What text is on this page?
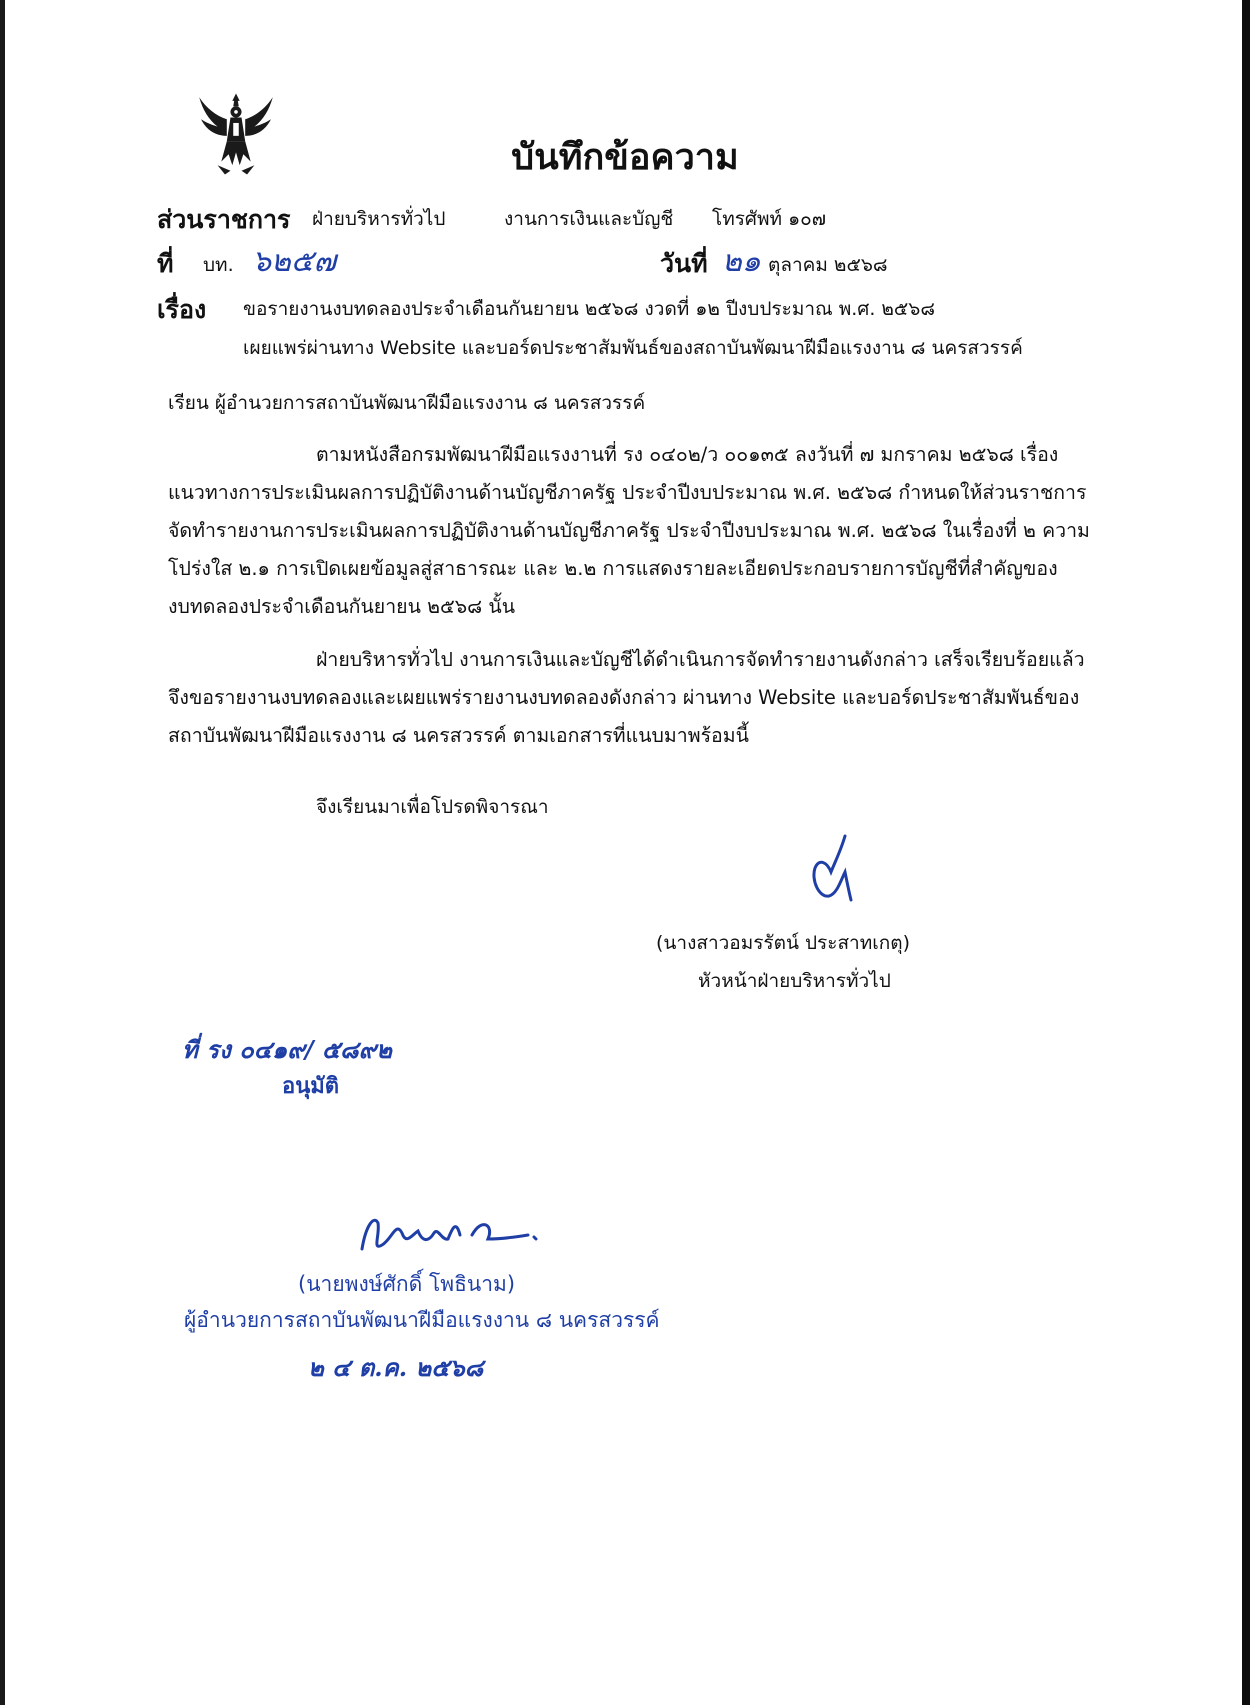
บันทึกข้อความ
ส่วนราชการ ฝ่ายบริหารทั่วไป	งานการเงินและบัญชี โทรศัพท์ ๑๐๗
ที่ บท. ๖๒๕๗	วันที่ ๒๑ ตุลาคม ๒๕๖๘
เรื่อง ขอรายงานงบทดลองประจำเดือนกันยายน ๒๕๖๘ งวดที่ ๑๒ ปีงบประมาณ พ.ศ. ๒๕๖๘
เผยแพร่ผ่านทาง Website และบอร์ดประชาสัมพันธ์ของสถาบันพัฒนาฝีมือแรงงาน ๘ นครสวรรค์
เรียน ผู้อำนวยการสถาบันพัฒนาฝีมือแรงงาน ๘ นครสวรรค์
ตามหนังสือกรมพัฒนาฝีมือแรงงานที่ รง ๐๔๐๒/ว ๐๐๑๓๕ ลงวันที่ ๗ มกราคม ๒๕๖๘ เรื่อง
แนวทางการประเมินผลการปฏิบัติงานด้านบัญชีภาครัฐ ประจำปีงบประมาณ พ.ศ. ๒๕๖๘ กำหนดให้ส่วนราชการ
จัดทำรายงานการประเมินผลการปฏิบัติงานด้านบัญชีภาครัฐ ประจำปีงบประมาณ พ.ศ. ๒๕๖๘ ในเรื่องที่ ๒ ความ
โปร่งใส ๒.๑ การเปิดเผยข้อมูลสู่สาธารณะ และ ๒.๒ การแสดงรายละเอียดประกอบรายการบัญชีที่สำคัญของ
งบทดลองประจำเดือนกันยายน ๒๕๖๘ นั้น
ฝ่ายบริหารทั่วไป งานการเงินและบัญชีได้ดำเนินการจัดทำรายงานดังกล่าว เสร็จเรียบร้อยแล้ว
จึงขอรายงานงบทดลองและเผยแพร่รายงานงบทดลองดังกล่าว ผ่านทาง Website และบอร์ดประชาสัมพันธ์ของ
สถาบันพัฒนาฝีมือแรงงาน ๘ นครสวรรค์ ตามเอกสารที่แนบมาพร้อมนี้
จึงเรียนมาเพื่อโปรดพิจารณา
(นางสาวอมรรัตน์ ประสาทเกตุ)
หัวหน้าฝ่ายบริหารทั่วไป
ที่ รง ๐๔๑๙/ ๕๘๙๒
อนุมัติ
(นายพงษ์ศักดิ์ โพธินาม)
ผู้อำนวยการสถาบันพัฒนาฝีมือแรงงาน ๘ นครสวรรค์
๒ ๔ ต.ค. ๒๕๖๘
